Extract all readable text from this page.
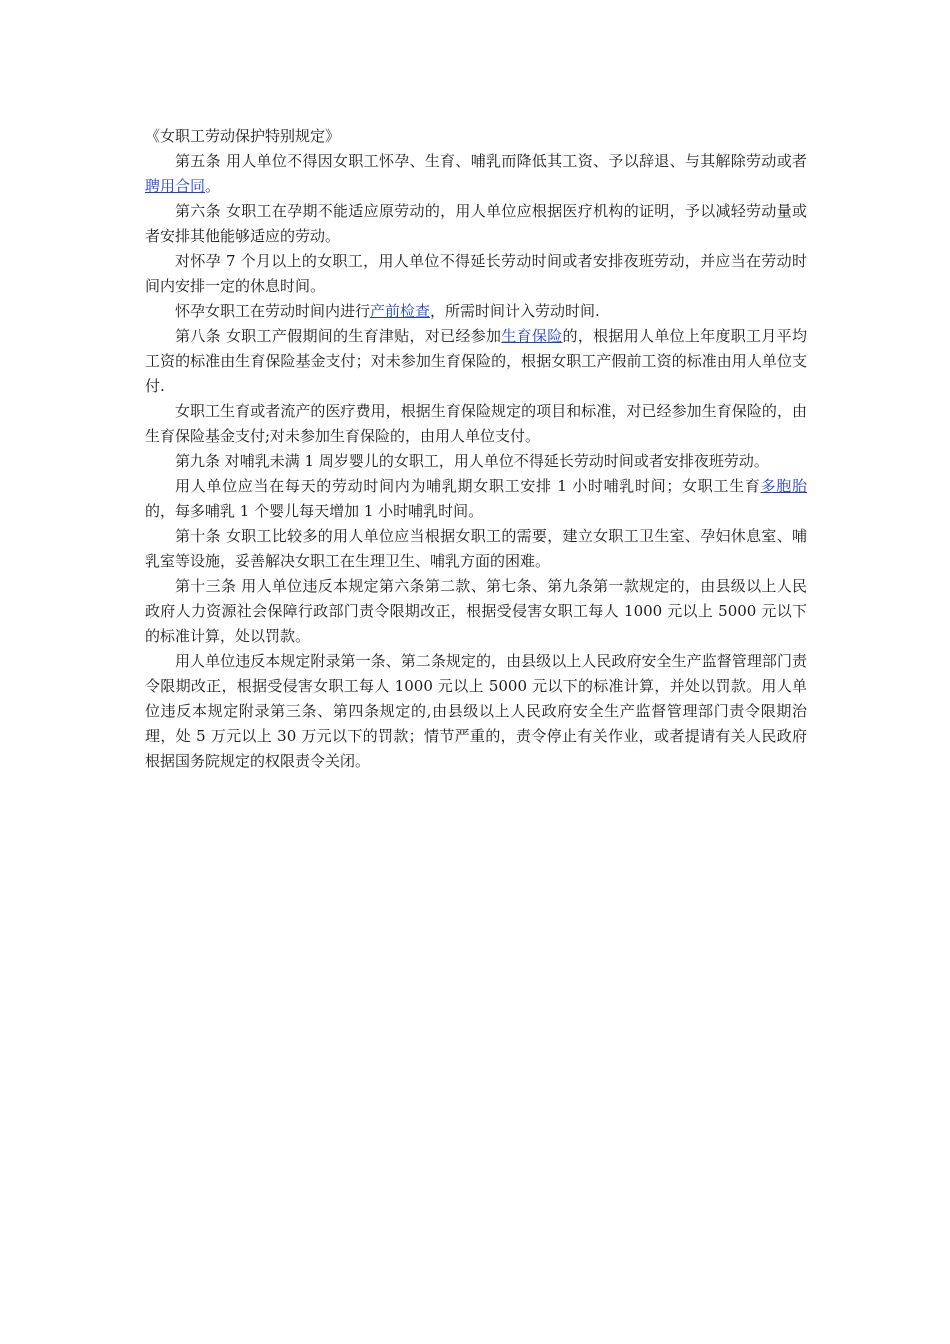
《女职工劳动保护特别规定》

第五条 用人单位不得因女职工怀孕、生育、哺乳而降低其工资、予以辞退、与其解除劳动或者聘用合同。

第六条 女职工在孕期不能适应原劳动的，用人单位应根据医疗机构的证明，予以减轻劳动量或者安排其他能够适应的劳动。

对怀孕 7 个月以上的女职工，用人单位不得延长劳动时间或者安排夜班劳动，并应当在劳动时间内安排一定的休息时间。

怀孕女职工在劳动时间内进行产前检查，所需时间计入劳动时间.

第八条 女职工产假期间的生育津贴，对已经参加生育保险的，根据用人单位上年度职工月平均工资的标准由生育保险基金支付；对未参加生育保险的，根据女职工产假前工资的标准由用人单位支付.

女职工生育或者流产的医疗费用，根据生育保险规定的项目和标准，对已经参加生育保险的，由生育保险基金支付;对未参加生育保险的，由用人单位支付。

第九条 对哺乳未满 1 周岁婴儿的女职工，用人单位不得延长劳动时间或者安排夜班劳动。

用人单位应当在每天的劳动时间内为哺乳期女职工安排 1 小时哺乳时间；女职工生育多胞胎的，每多哺乳 1 个婴儿每天增加 1 小时哺乳时间。

第十条 女职工比较多的用人单位应当根据女职工的需要，建立女职工卫生室、孕妇休息室、哺乳室等设施，妥善解决女职工在生理卫生、哺乳方面的困难。

第十三条 用人单位违反本规定第六条第二款、第七条、第九条第一款规定的，由县级以上人民政府人力资源社会保障行政部门责令限期改正，根据受侵害女职工每人 1000 元以上 5000 元以下的标准计算，处以罚款。

用人单位违反本规定附录第一条、第二条规定的，由县级以上人民政府安全生产监督管理部门责令限期改正，根据受侵害女职工每人 1000 元以上 5000 元以下的标准计算，并处以罚款。用人单位违反本规定附录第三条、第四条规定的,由县级以上人民政府安全生产监督管理部门责令限期治理，处 5 万元以上 30 万元以下的罚款；情节严重的，责令停止有关作业，或者提请有关人民政府根据国务院规定的权限责令关闭。
